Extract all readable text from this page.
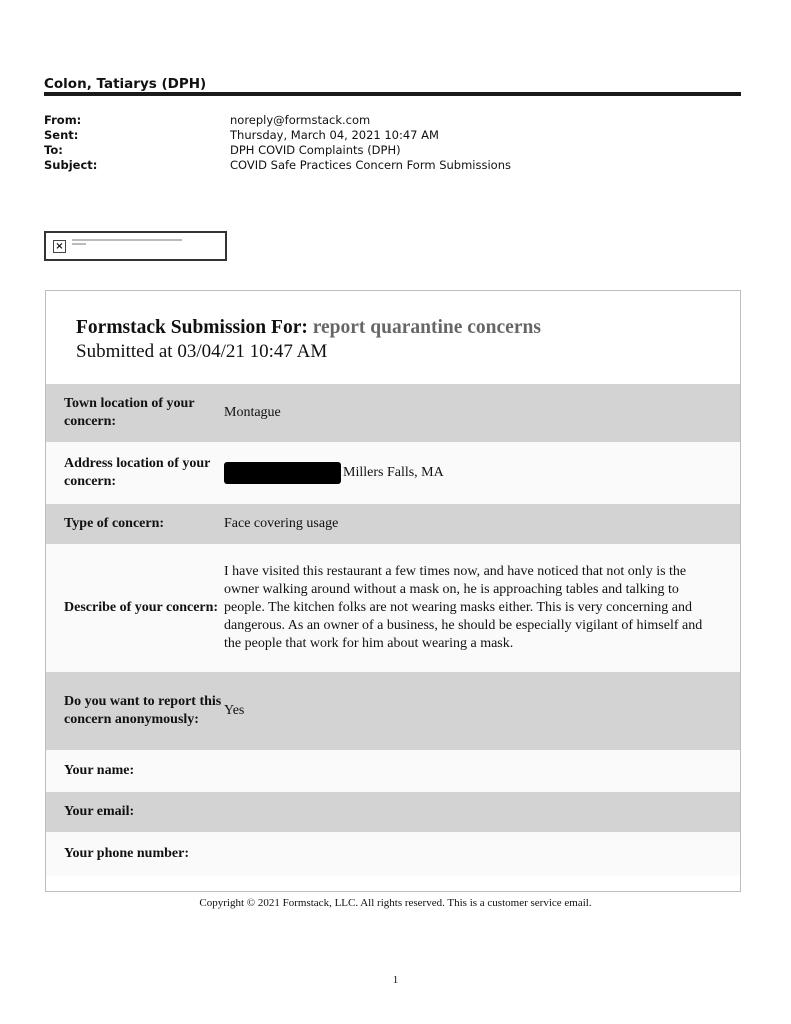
Colon, Tatiarys (DPH)
From:	noreply@formstack.com
Sent:	Thursday, March 04, 2021 10:47 AM
To:	DPH COVID Complaints (DPH)
Subject:	COVID Safe Practices Concern Form Submissions
×
Formstack Submission For: report quarantine concerns
Submitted at 03/04/21 10:47 AM
Town location of your concern:
Montague
Address location of your concern:
Millers Falls, MA
Type of concern:	Face covering usage
Describe of your concern:
I have visited this restaurant a few times now, and have noticed that not only is the owner walking around without a mask on, he is approaching tables and talking to people. The kitchen folks are not wearing masks either. This is very concerning and dangerous. As an owner of a business, he should be especially vigilant of himself and the people that work for him about wearing a mask.
Do you want to report this concern anonymously:
Yes
Your name:
Your email:
Your phone number:
Copyright © 2021 Formstack, LLC. All rights reserved. This is a customer service email.
1
